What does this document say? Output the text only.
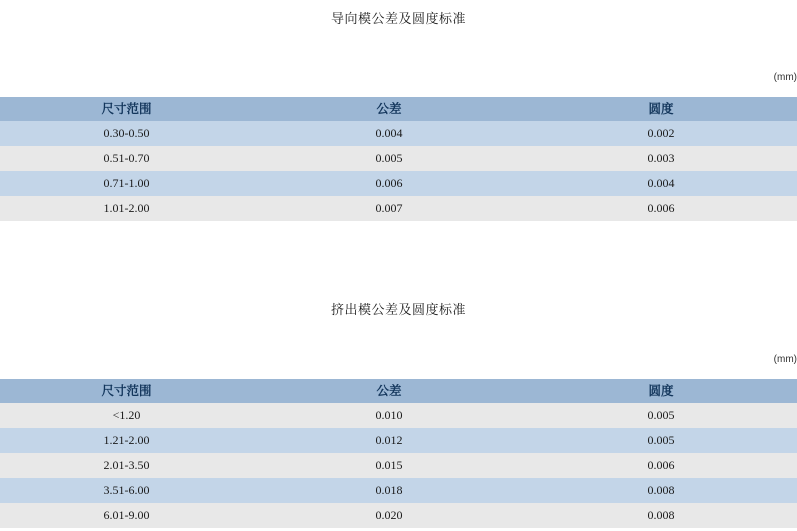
导向模公差及圆度标准
(mm)
尺寸范围	公差	圆度
0.30-0.50	0.004	0.002
0.51-0.70	0.005	0.003
0.71-1.00	0.006	0.004
1.01-2.00	0.007	0.006
挤出模公差及圆度标准
(mm)
尺寸范围	公差	圆度
<1.20	0.010	0.005
1.21-2.00	0.012	0.005
2.01-3.50	0.015	0.006
3.51-6.00	0.018	0.008
6.01-9.00	0.020	0.008
